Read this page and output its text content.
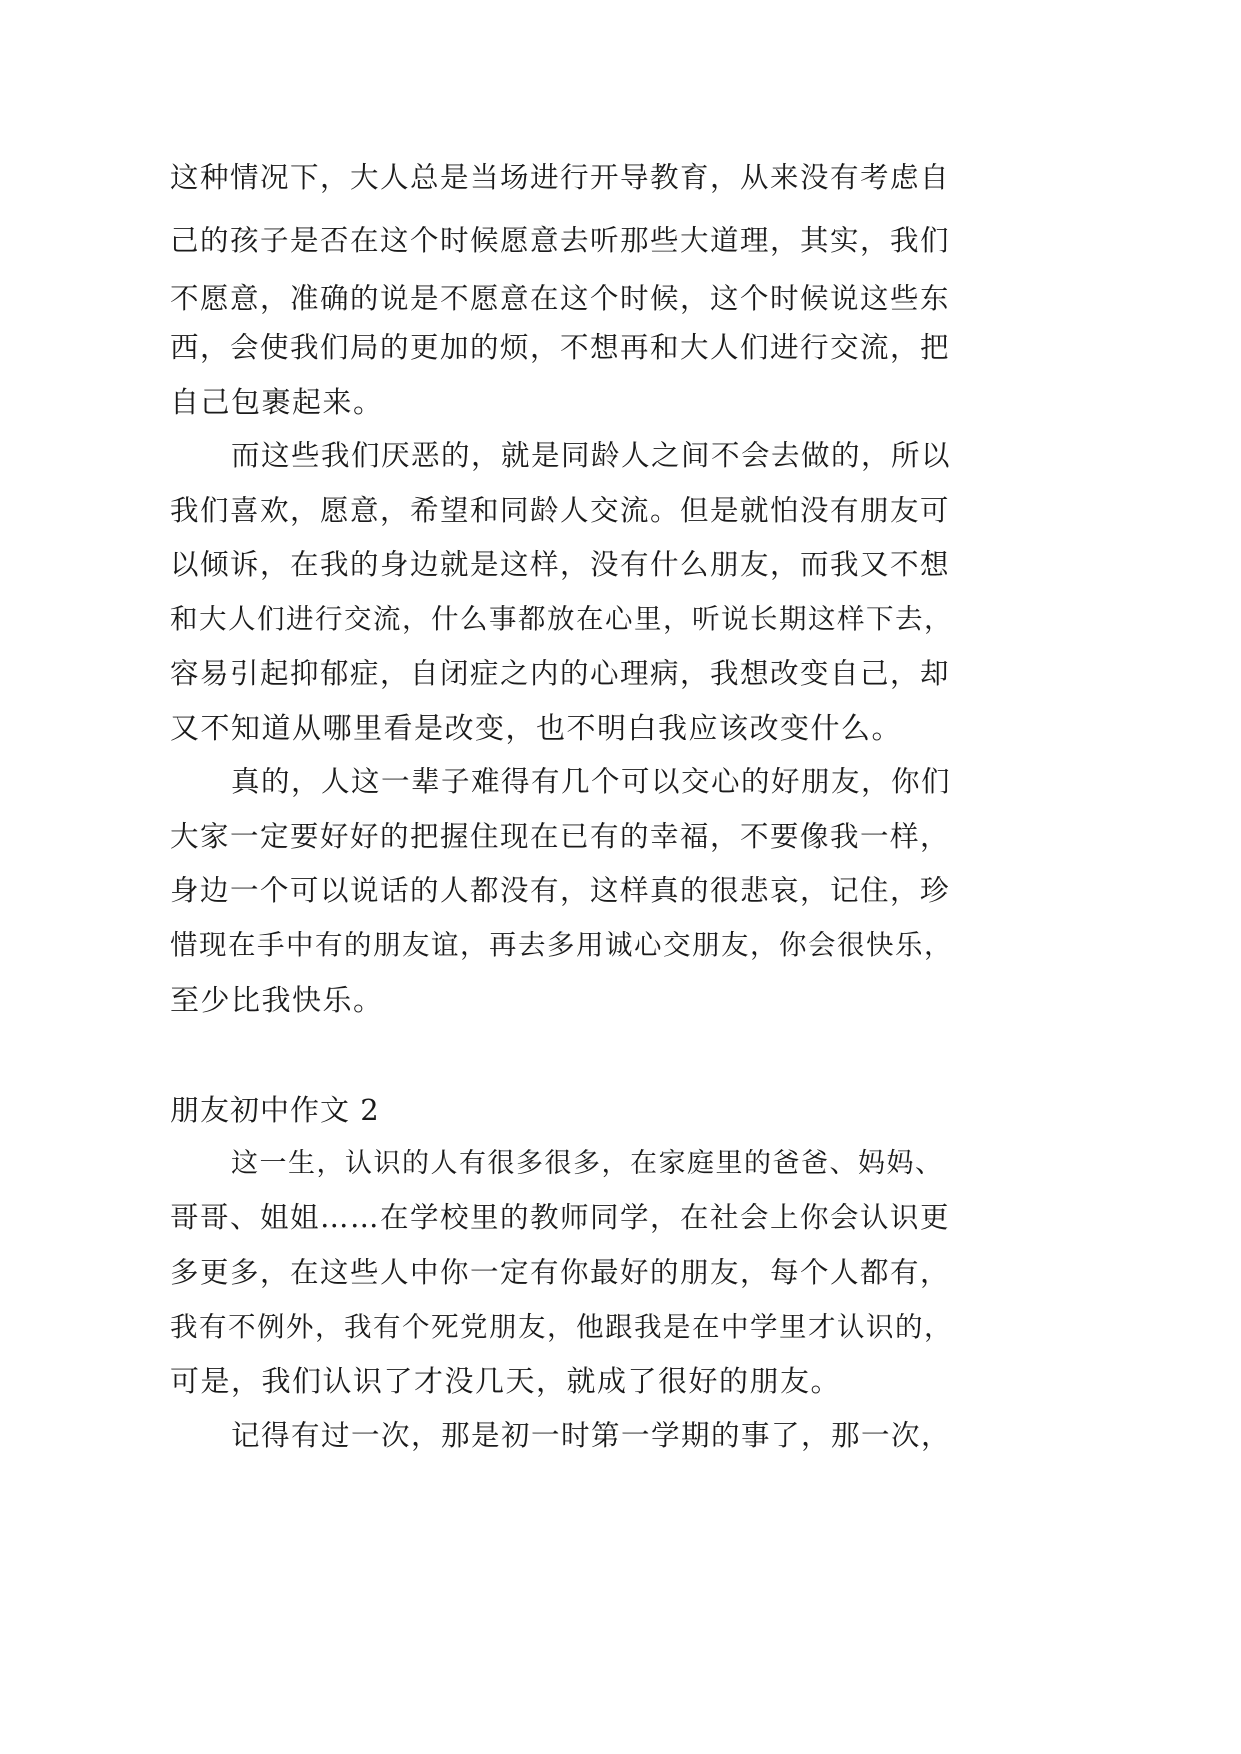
这种情况下，大人总是当场进行开导教育，从来没有考虑自
己的孩子是否在这个时候愿意去听那些大道理，其实，我们
不愿意，准确的说是不愿意在这个时候，这个时候说这些东
西，会使我们局的更加的烦，不想再和大人们进行交流，把
自己包裹起来。
而这些我们厌恶的，就是同龄人之间不会去做的，所以
我们喜欢，愿意，希望和同龄人交流。但是就怕没有朋友可
以倾诉，在我的身边就是这样，没有什么朋友，而我又不想
和大人们进行交流，什么事都放在心里，听说长期这样下去，
容易引起抑郁症，自闭症之内的心理病，我想改变自己，却
又不知道从哪里看是改变，也不明白我应该改变什么。
真的，人这一辈子难得有几个可以交心的好朋友，你们
大家一定要好好的把握住现在已有的幸福，不要像我一样，
身边一个可以说话的人都没有，这样真的很悲哀，记住，珍
惜现在手中有的朋友谊，再去多用诚心交朋友，你会很快乐，
至少比我快乐。
朋友初中作文 2
这一生，认识的人有很多很多，在家庭里的爸爸、妈妈、
哥哥、姐姐……在学校里的教师同学，在社会上你会认识更
多更多，在这些人中你一定有你最好的朋友，每个人都有，
我有不例外，我有个死党朋友，他跟我是在中学里才认识的，
可是，我们认识了才没几天，就成了很好的朋友。
记得有过一次，那是初一时第一学期的事了，那一次，
